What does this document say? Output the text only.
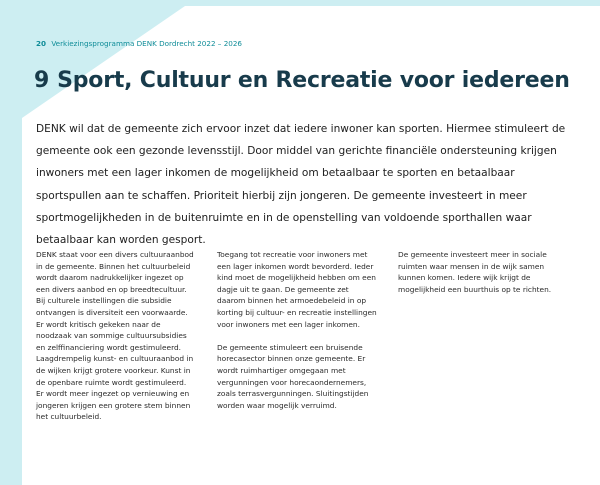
20 Verkiezingsprogramma DENK Dordrecht 2022 – 2026
9 Sport, Cultuur en Recreatie voor iedereen

DENK wil dat de gemeente zich ervoor inzet dat iedere inwoner kan sporten. Hiermee stimuleert de gemeente ook een gezonde levensstijl. Door middel van gerichte financiële ondersteuning krijgen inwoners met een lager inkomen de mogelijkheid om betaalbaar te sporten en betaalbaar sportspullen aan te schaffen. Prioriteit hierbij zijn jongeren. De gemeente investeert in meer sportmogelijkheden in de buitenruimte en in de openstelling van voldoende sporthallen waar betaalbaar kan worden gesport.

DENK staat voor een divers cultuuraanbod in de gemeente. Binnen het cultuurbeleid wordt daarom nadrukkelijker ingezet op een divers aanbod en op breedtecultuur. Bij culturele instellingen die subsidie ontvangen is diversiteit een voorwaarde. Er wordt kritisch gekeken naar de noodzaak van sommige cultuursubsidies en zelffinanciering wordt gestimuleerd. Laagdrempelig kunst- en cultuuraanbod in de wijken krijgt grotere voorkeur. Kunst in de openbare ruimte wordt gestimuleerd. Er wordt meer ingezet op vernieuwing en jongeren krijgen een grotere stem binnen het cultuurbeleid.

Toegang tot recreatie voor inwoners met een lager inkomen wordt bevorderd. Ieder kind moet de mogelijkheid hebben om een dagje uit te gaan. De gemeente zet daarom binnen het armoedebeleid in op korting bij cultuur- en recreatie instellingen voor inwoners met een lager inkomen.

De gemeente stimuleert een bruisende horecasector binnen onze gemeente. Er wordt ruimhartiger omgegaan met vergunningen voor horecaondernemers, zoals terrasvergunningen. Sluitingstijden worden waar mogelijk verruimd.

De gemeente investeert meer in sociale ruimten waar mensen in de wijk samen kunnen komen. Iedere wijk krijgt de mogelijkheid een buurthuis op te richten.
